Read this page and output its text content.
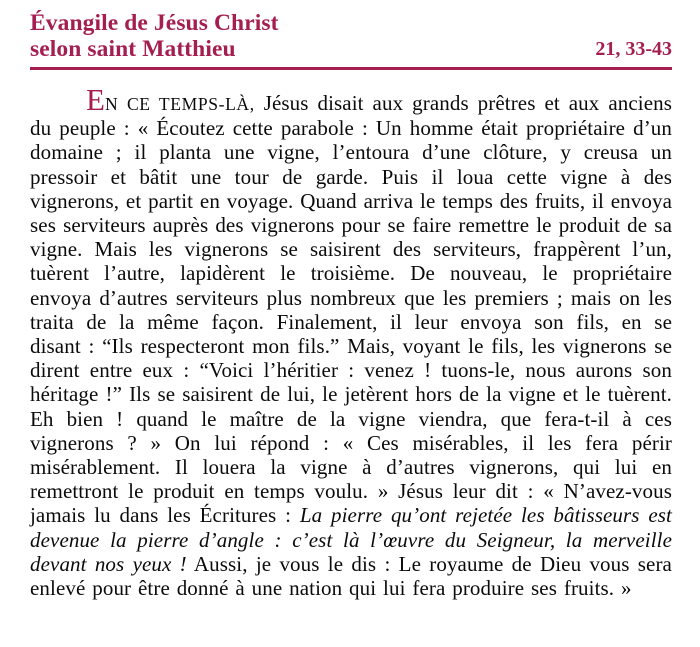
Évangile de Jésus Christ
selon saint Matthieu	21, 33-43

EN CE TEMPS-LÀ, Jésus disait aux grands prêtres et aux anciens du peuple : « Écoutez cette parabole : Un homme était propriétaire d’un domaine ; il planta une vigne, l’entoura d’une clôture, y creusa un pressoir et bâtit une tour de garde. Puis il loua cette vigne à des vignerons, et partit en voyage. Quand arriva le temps des fruits, il envoya ses serviteurs auprès des vignerons pour se faire remettre le produit de sa vigne. Mais les vignerons se saisirent des serviteurs, frappèrent l’un, tuèrent l’autre, lapidèrent le troisième. De nouveau, le propriétaire envoya d’autres serviteurs plus nombreux que les premiers ; mais on les traita de la même façon. Finalement, il leur envoya son fils, en se disant : “Ils respecteront mon fils.” Mais, voyant le fils, les vignerons se dirent entre eux : “Voici l’héritier : venez ! tuons-le, nous aurons son héritage !” Ils se saisirent de lui, le jetèrent hors de la vigne et le tuèrent. Eh bien ! quand le maître de la vigne viendra, que fera-t-il à ces vignerons ? » On lui répond : « Ces misérables, il les fera périr misérablement. Il louera la vigne à d’autres vignerons, qui lui en remettront le produit en temps voulu. » Jésus leur dit : « N’avez-vous jamais lu dans les Écritures : La pierre qu’ont rejetée les bâtisseurs est devenue la pierre d’angle : c’est là l’œuvre du Seigneur, la merveille devant nos yeux ! Aussi, je vous le dis : Le royaume de Dieu vous sera enlevé pour être donné à une nation qui lui fera produire ses fruits. »
